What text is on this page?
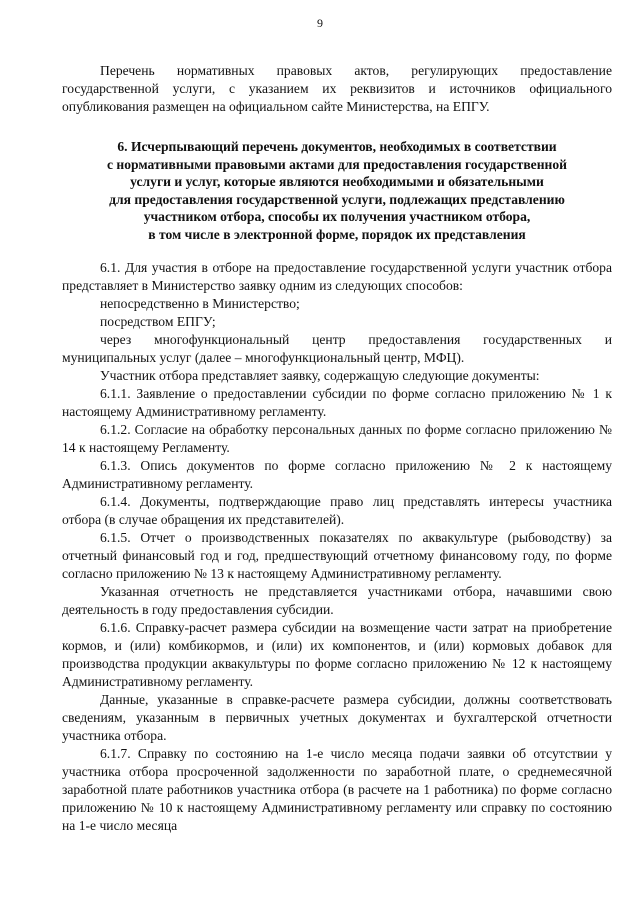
9

Перечень нормативных правовых актов, регулирующих предоставление государственной услуги, с указанием их реквизитов и источников официального опубликования размещен на официальном сайте Министерства, на ЕПГУ.

6. Исчерпывающий перечень документов, необходимых в соответствии
с нормативными правовыми актами для предоставления государственной
услуги и услуг, которые являются необходимыми и обязательными
для предоставления государственной услуги, подлежащих представлению
участником отбора, способы их получения участником отбора,
в том числе в электронной форме, порядок их представления

6.1. Для участия в отборе на предоставление государственной услуги участник отбора представляет в Министерство заявку одним из следующих способов:

непосредственно в Министерство;

посредством ЕПГУ;

через многофункциональный центр предоставления государственных и муниципальных услуг (далее – многофункциональный центр, МФЦ).

Участник отбора представляет заявку, содержащую следующие документы:

6.1.1. Заявление о предоставлении субсидии по форме согласно приложению № 1 к настоящему Административному регламенту.

6.1.2. Согласие на обработку персональных данных по форме согласно приложению № 14 к настоящему Регламенту.

6.1.3. Опись документов по форме согласно приложению № 2 к настоящему Административному регламенту.

6.1.4. Документы, подтверждающие право лиц представлять интересы участника отбора (в случае обращения их представителей).

6.1.5. Отчет о производственных показателях по аквакультуре (рыбоводству) за отчетный финансовый год и год, предшествующий отчетному финансовому году, по форме согласно приложению № 13 к настоящему Административному регламенту.

Указанная отчетность не представляется участниками отбора, начавшими свою деятельность в году предоставления субсидии.

6.1.6. Справку-расчет размера субсидии на возмещение части затрат на приобретение кормов, и (или) комбикормов, и (или) их компонентов, и (или) кормовых добавок для производства продукции аквакультуры по форме согласно приложению № 12 к настоящему Административному регламенту.

Данные, указанные в справке-расчете размера субсидии, должны соответствовать сведениям, указанным в первичных учетных документах и бухгалтерской отчетности участника отбора.

6.1.7. Справку по состоянию на 1-е число месяца подачи заявки об отсутствии у участника отбора просроченной задолженности по заработной плате, о среднемесячной заработной плате работников участника отбора (в расчете на 1 работника) по форме согласно приложению № 10 к настоящему Административному регламенту или справку по состоянию на 1-е число месяца
